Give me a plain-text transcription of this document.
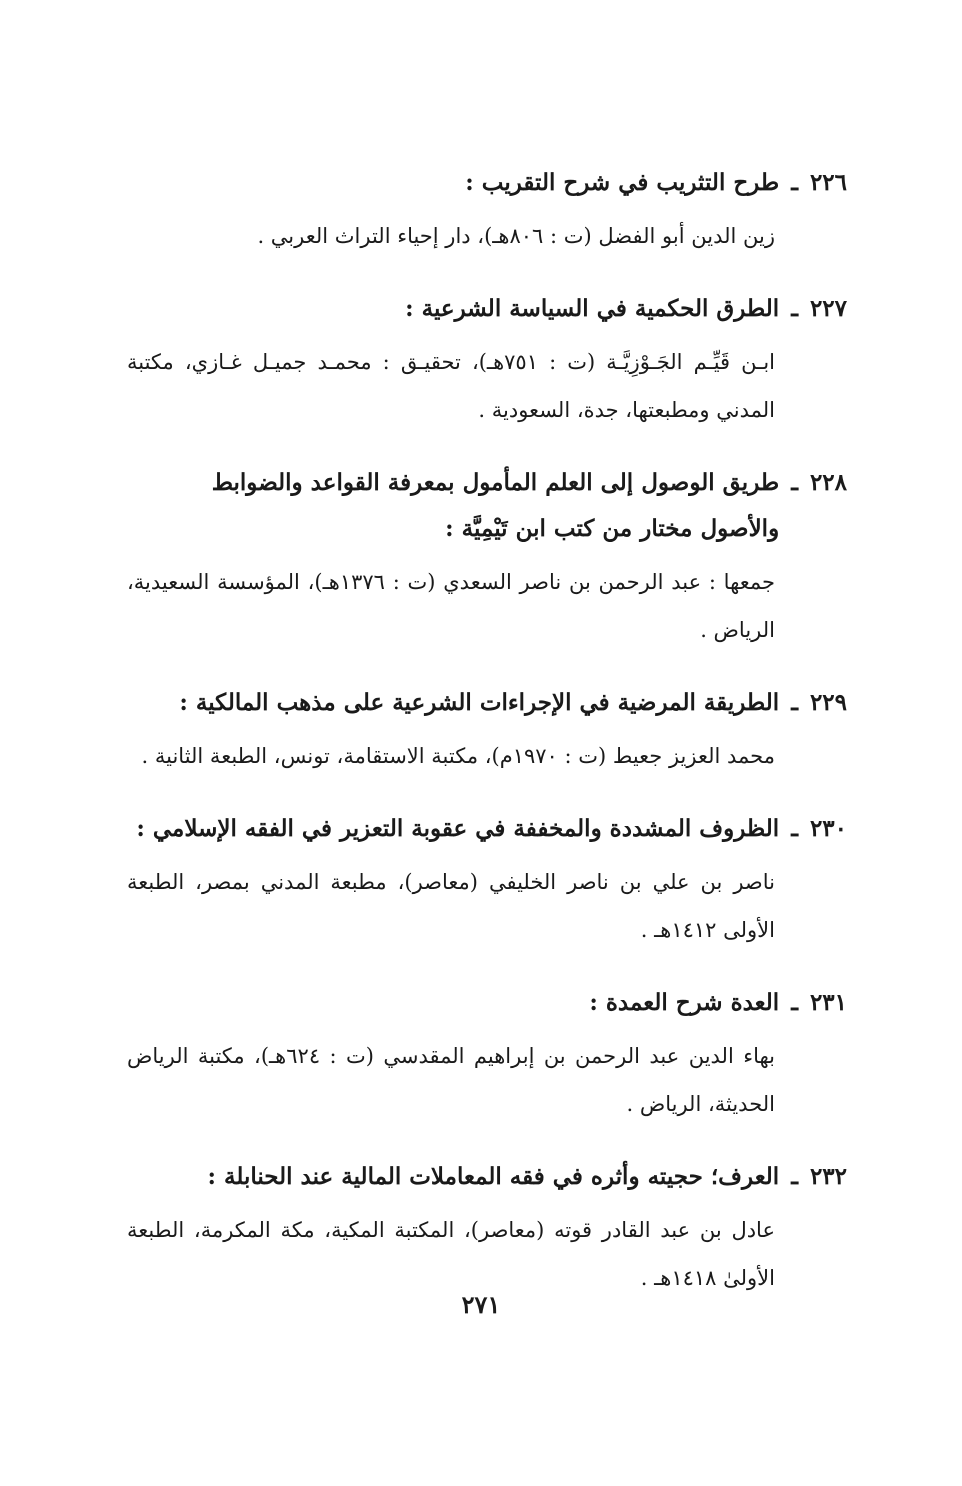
٢٢٦
ـ
طرح التثريب في شرح التقريب :
زين الدين أبو الفضل (ت : ٨٠٦هـ)، دار إحياء التراث العربي .
٢٢٧
ـ
الطرق الحكمية في السياسة الشرعية :
ابـن قَيِّـم الجَـوْزِيَّـة (ت : ٧٥١هـ)، تحقيـق : محمـد جميـل غـازي، مكتبة المدني ومطبعتها، جدة، السعودية .
٢٢٨
ـ
طريق الوصول إلى العلم المأمول بمعرفة القواعد والضوابط والأصول مختار من كتب ابن تَيْمِيَّة :
جمعها : عبد الرحمن بن ناصر السعدي (ت : ١٣٧٦هـ)، المؤسسة السعيدية، الرياض .
٢٢٩
ـ
الطريقة المرضية في الإجراءات الشرعية على مذهب المالكية :
محمد العزيز جعيط (ت : ١٩٧٠م)، مكتبة الاستقامة، تونس، الطبعة الثانية .
٢٣٠
ـ
الظروف المشددة والمخففة في عقوبة التعزير في الفقه الإسلامي :
ناصر بن علي بن ناصر الخليفي (معاصر)، مطبعة المدني بمصر، الطبعة الأولى ١٤١٢هـ .
٢٣١
ـ
العدة شرح العمدة :
بهاء الدين عبد الرحمن بن إبراهيم المقدسي (ت : ٦٢٤هـ)، مكتبة الرياض الحديثة، الرياض .
٢٣٢
ـ
العرف؛ حجيته وأثره في فقه المعاملات المالية عند الحنابلة :
عادل بن عبد القادر قوته (معاصر)، المكتبة المكية، مكة المكرمة، الطبعة الأولىٰ ١٤١٨هـ .
٢٧١
